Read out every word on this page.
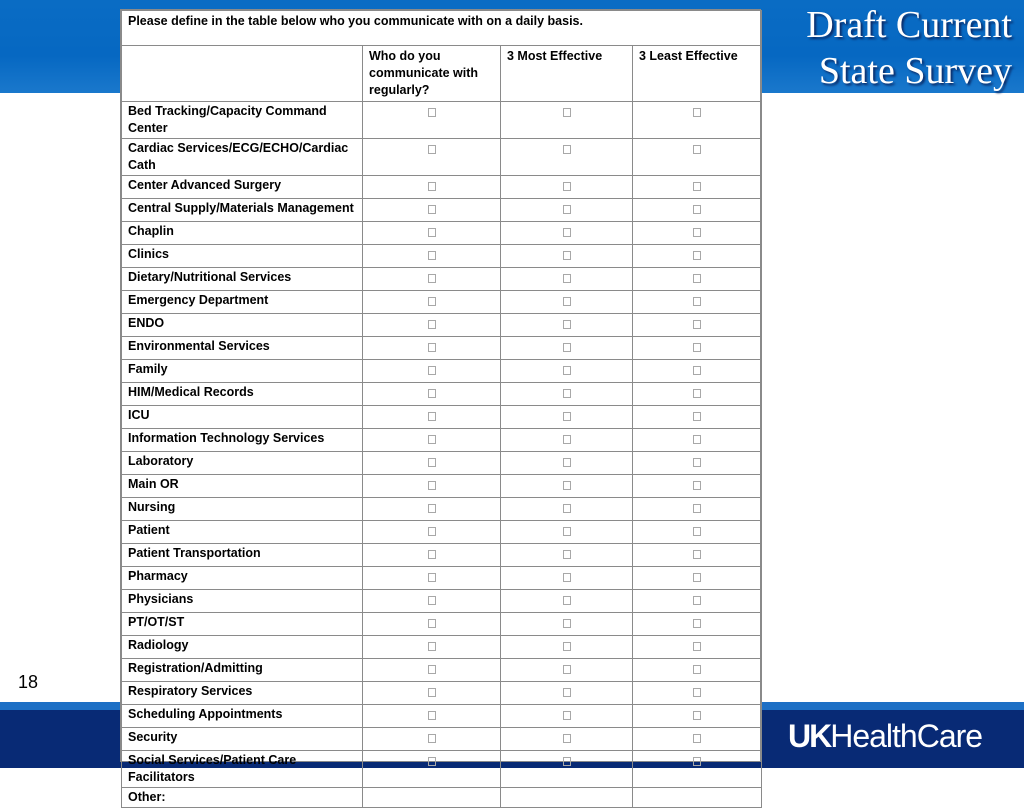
Draft Current
State Survey
UKHealthCare
18
Please define in the table below who you communicate with on a daily basis.			
	Who do you communicate with regularly?	3 Most Effective	3 Least Effective
Bed Tracking/Capacity Command Center			
Cardiac Services/ECG/ECHO/Cardiac Cath			
Center Advanced Surgery			
Central Supply/Materials Management			
Chaplin			
Clinics			
Dietary/Nutritional Services			
Emergency Department			
ENDO			
Environmental Services			
Family			
HIM/Medical Records			
ICU			
Information Technology Services			
Laboratory			
Main OR			
Nursing			
Patient			
Patient Transportation			
Pharmacy			
Physicians			
PT/OT/ST			
Radiology			
Registration/Admitting			
Respiratory Services			
Scheduling Appointments			
Security			
Social Services/Patient Care Facilitators			
Other:			
